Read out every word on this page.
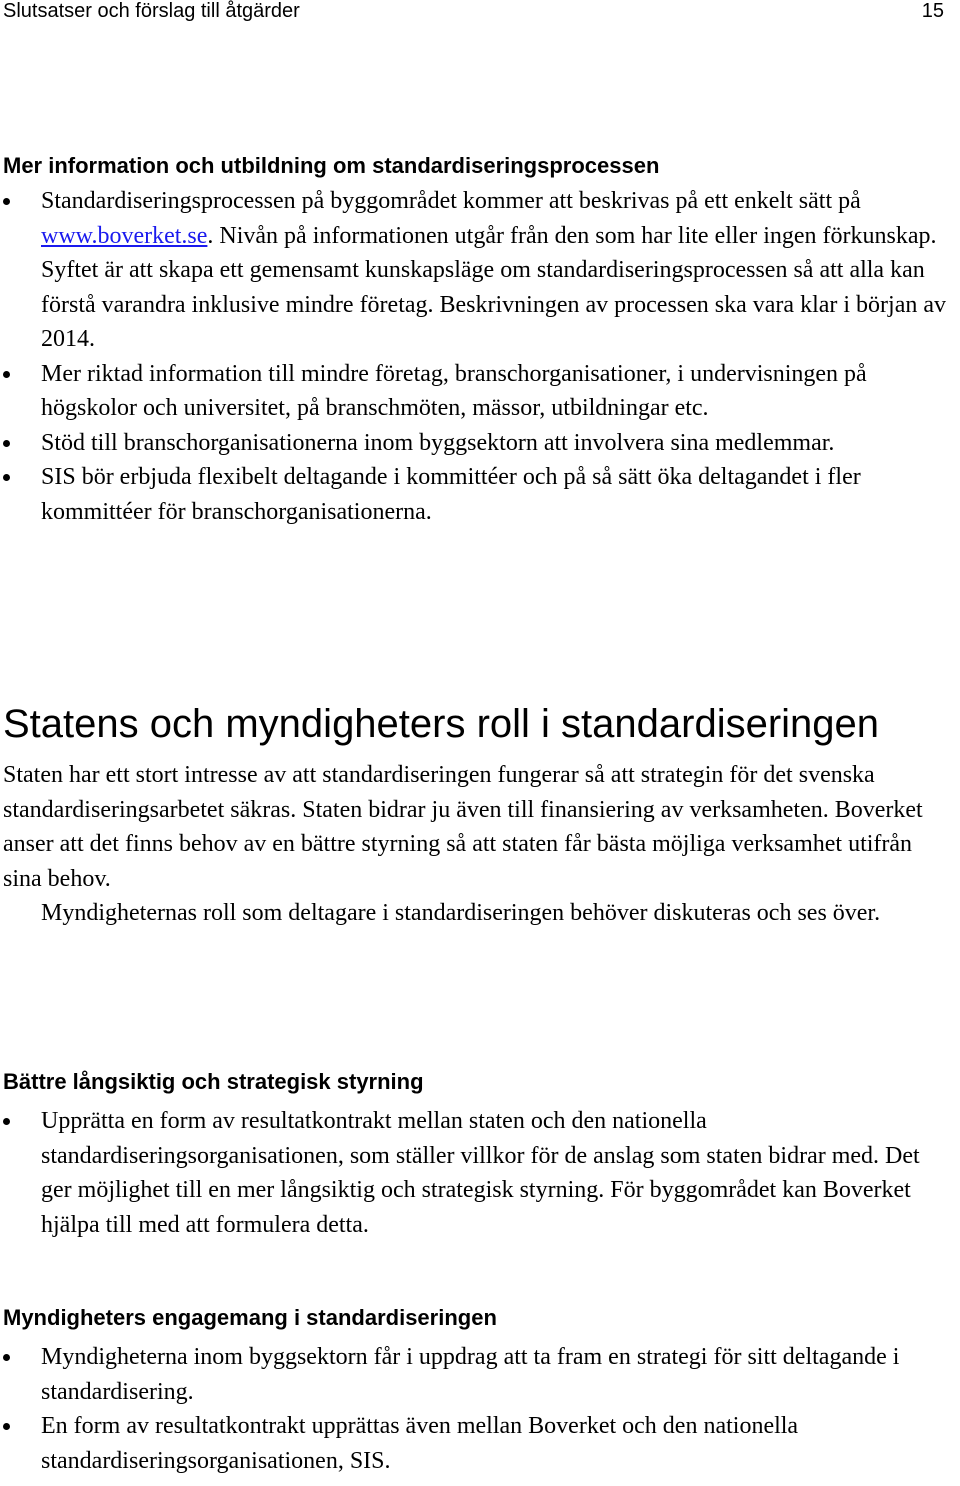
Slutsatser och förslag till åtgärder	15
Mer information och utbildning om standardiseringsprocessen
Standardiseringsprocessen på byggområdet kommer att beskrivas på ett enkelt sätt på www.boverket.se. Nivån på informationen utgår från den som har lite eller ingen förkunskap. Syftet är att skapa ett gemensamt kunskapsläge om standardiseringsprocessen så att alla kan förstå varandra inklusive mindre företag. Beskrivningen av processen ska vara klar i början av 2014.
Mer riktad information till mindre företag, branschorganisationer, i undervisningen på högskolor och universitet, på branschmöten, mässor, utbildningar etc.
Stöd till branschorganisationerna inom byggsektorn att involvera sina medlemmar.
SIS bör erbjuda flexibelt deltagande i kommittéer och på så sätt öka deltagandet i fler kommittéer för branschorganisationerna.
Statens och myndigheters roll i standardiseringen

Staten har ett stort intresse av att standardiseringen fungerar så att strategin för det svenska standardiseringsarbetet säkras. Staten bidrar ju även till finansiering av verksamheten. Boverket anser att det finns behov av en bättre styrning så att staten får bästa möjliga verksamhet utifrån sina behov.

Myndigheternas roll som deltagare i standardiseringen behöver diskuteras och ses över.

Bättre långsiktig och strategisk styrning
Upprätta en form av resultatkontrakt mellan staten och den nationella standardiseringsorganisationen, som ställer villkor för de anslag som staten bidrar med. Det ger möjlighet till en mer långsiktig och strategisk styrning. För byggområdet kan Boverket hjälpa till med att formulera detta.
Myndigheters engagemang i standardiseringen
Myndigheterna inom byggsektorn får i uppdrag att ta fram en strategi för sitt deltagande i standardisering.
En form av resultatkontrakt upprättas även mellan Boverket och den nationella standardiseringsorganisationen, SIS.
